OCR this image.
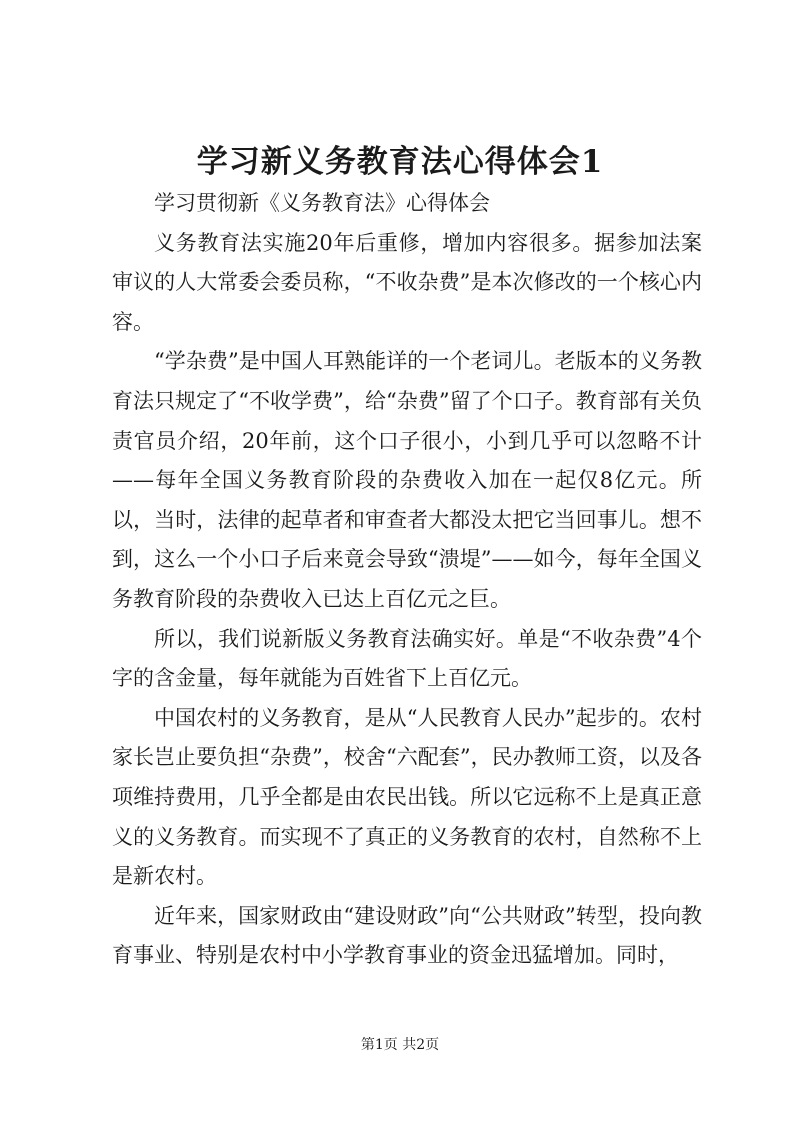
学习新义务教育法心得体会1

学习贯彻新《义务教育法》心得体会

义务教育法实施20年后重修，增加内容很多。据参加法案审议的人大常委会委员称，“不收杂费”是本次修改的一个核心内容。

“学杂费”是中国人耳熟能详的一个老词儿。老版本的义务教育法只规定了“不收学费”，给“杂费”留了个口子。教育部有关负责官员介绍，20年前，这个口子很小，小到几乎可以忽略不计——每年全国义务教育阶段的杂费收入加在一起仅8亿元。所以，当时，法律的起草者和审查者大都没太把它当回事儿。想不到，这么一个小口子后来竟会导致“溃堤”——如今，每年全国义务教育阶段的杂费收入已达上百亿元之巨。

所以，我们说新版义务教育法确实好。单是“不收杂费”4个字的含金量，每年就能为百姓省下上百亿元。

中国农村的义务教育，是从“人民教育人民办”起步的。农村家长岂止要负担“杂费”，校舍“六配套”，民办教师工资，以及各项维持费用，几乎全都是由农民出钱。所以它远称不上是真正意义的义务教育。而实现不了真正的义务教育的农村，自然称不上是新农村。

近年来，国家财政由“建设财政”向“公共财政”转型，投向教育事业、特别是农村中小学教育事业的资金迅猛增加。同时，

第1页 共2页
